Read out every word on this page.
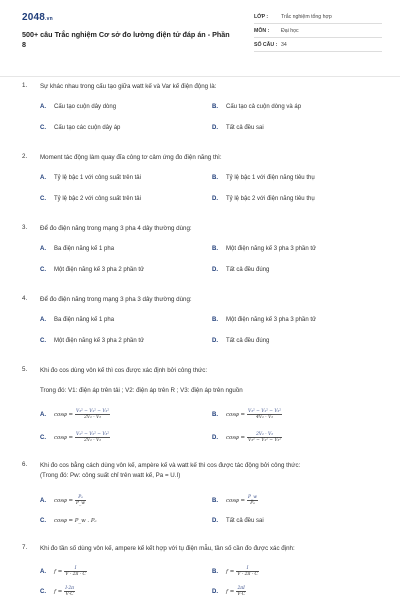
2048.vn
500+ câu Trắc nghiệm Cơ sở đo lường điện tử đáp án - Phần 8
LỚP :	Trắc nghiệm tổng hợp
MÔN :	Đại học
SỐ CÂU : 34
1.	Sự khác nhau trong cấu tạo giữa watt kế và Var kế điện động là:
A. Cấu tạo cuộn dây dòng	B. Cấu tạo cả cuộn dòng và áp
C. Cấu tạo các cuộn dây áp	D. Tất cả đều sai
2.	Moment tác động làm quay đĩa công tơ cảm ứng đo điện năng thì:
A. Tỷ lệ bậc 1 với công suất trên tải	B. Tỷ lệ bậc 1 với điện năng tiêu thụ
C. Tỷ lệ bậc 2 với công suất trên tải	D. Tỷ lệ bậc 2 với điện năng tiêu thụ
3.	Để đo điện năng trong mạng 3 pha 4 dây thường dùng:
A. Ba điện năng kế 1 pha	B. Một điện năng kế 3 pha 3 phần tử
C. Một điện năng kế 3 pha 2 phần tử	D. Tất cả đều đúng
4.	Để đo điện năng trong mạng 3 pha 3 dây thường dùng:
A. Ba điện năng kế 1 pha	B. Một điện năng kế 3 pha 3 phần tử
C. Một điện năng kế 3 pha 2 phần tử	D. Tất cả đều đúng
5.	Khi đo cos dùng vôn kế thì cos được xác định bởi công thức:
Trong đó: V1: điện áp trên tải ; V2: điện áp trên R ; V3: điện áp trên nguồn
A. $\cos\varphi = \frac{\text{V₃² − V₁² − V₂²}}{\text{2V₁ · V₂}}$	B. $\cos\varphi = \frac{\text{V₃² − V₁² − V₂²}}{\text{4V₁ · V₂}}$
C. $\cos\varphi = \frac{\text{V₁² − V₂² − V₃²}}{\text{2V₁ · V₂}}$	D. $\cos\varphi = \frac{\text{2V₁ · V₂}}{\text{V₃² − V₁² − V₂²}}$
6.	Khi đo cos bằng cách dùng vôn kế, ampère kế và watt kế thì cos được tác động bởi công thức:
(Trong đó: Pw: công suất chỉ trên watt kế, Pa = U.I)
A. $\cos\varphi = \frac{\text{Pₐ}}{P\_w}$	B. $\cos\varphi = \frac{P\_w}{\text{Pₐ}}$
C. cosφ = P_w . Pₐ	D. Tất cả đều sai
7.	Khi đo tần số dùng vôn kế, ampere kế kết hợp với tụ điện mẫu, tần số cần đo được xác định:
A. $f = \frac{I}{V \cdot 2\pi \cdot C}$	B. $f = \frac{I}{V \cdot 2\pi \cdot C}$
C. $f = \frac{I\cdot 2\pi}{V\cdot C}$	D. $f = \frac{2\pi I}{V\cdot C}$
